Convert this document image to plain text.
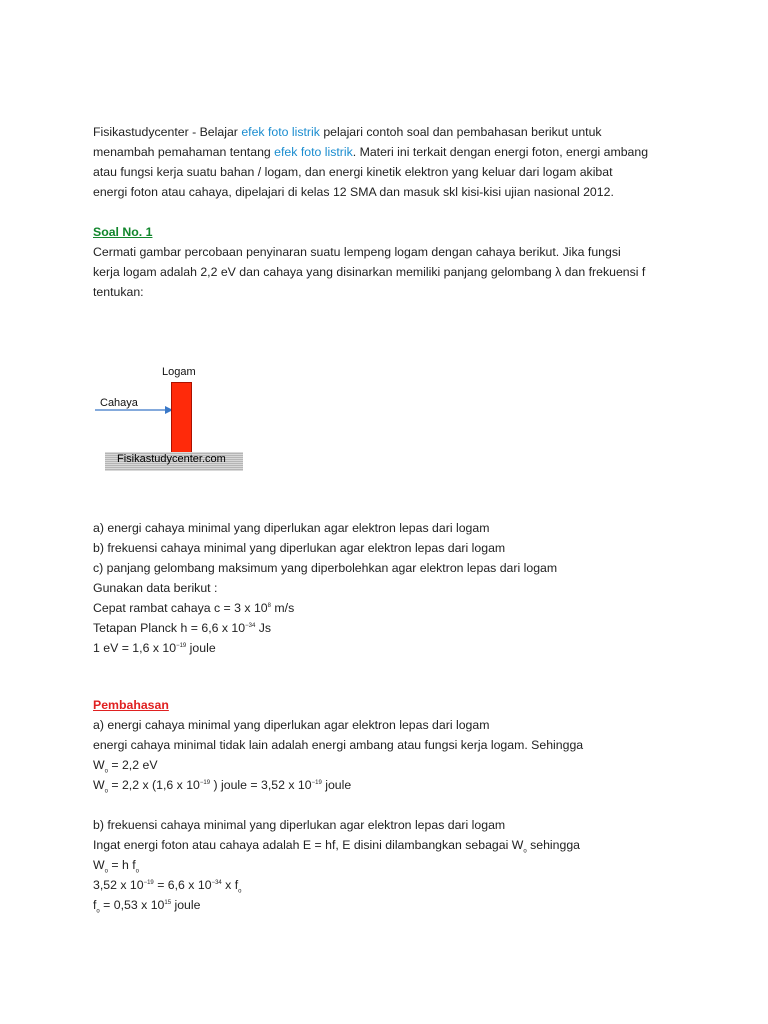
Fisikastudycenter - Belajar efek foto listrik pelajari contoh soal dan pembahasan berikut untuk

menambah pemahaman tentang efek foto listrik. Materi ini terkait dengan energi foton, energi ambang

atau fungsi kerja suatu bahan / logam, dan energi kinetik elektron yang keluar dari logam akibat

energi foton atau cahaya, dipelajari di kelas 12 SMA dan masuk skl kisi-kisi ujian nasional 2012.

Soal No. 1

Cermati gambar percobaan penyinaran suatu lempeng logam dengan cahaya berikut. Jika fungsi

kerja logam adalah 2,2 eV dan cahaya yang disinarkan memiliki panjang gelombang λ dan frekuensi f

tentukan:

Logam
Cahaya
Fisikastudycenter.com

a) energi cahaya minimal yang diperlukan agar elektron lepas dari logam

b) frekuensi cahaya minimal yang diperlukan agar elektron lepas dari logam

c) panjang gelombang maksimum yang diperbolehkan agar elektron lepas dari logam

Gunakan data berikut :

Cepat rambat cahaya c = 3 x $10^8$ m/s

Tetapan Planck h = 6,6 x $10^{-34}$ Js

1 eV = 1,6 x $10^{-19}$ joule

Pembahasan

a) energi cahaya minimal yang diperlukan agar elektron lepas dari logam

energi cahaya minimal tidak lain adalah energi ambang atau fungsi kerja logam. Sehingga

$W_o = 2,2$ eV

$W_o = 2,2$ x (1,6 x $10^{-19}$ ) joule = 3,52 x $10^{-19}$ joule

b) frekuensi cahaya minimal yang diperlukan agar elektron lepas dari logam

Ingat energi foton atau cahaya adalah E = hf, E disini dilambangkan sebagai $W_o$ sehingga

$W_o = h$ $f_o$

3,52 x $10^{-19} = 6,6$ x $10^{-34}$ x $f_o$

$f_o = 0,53$ x $10^{15}$ joule
